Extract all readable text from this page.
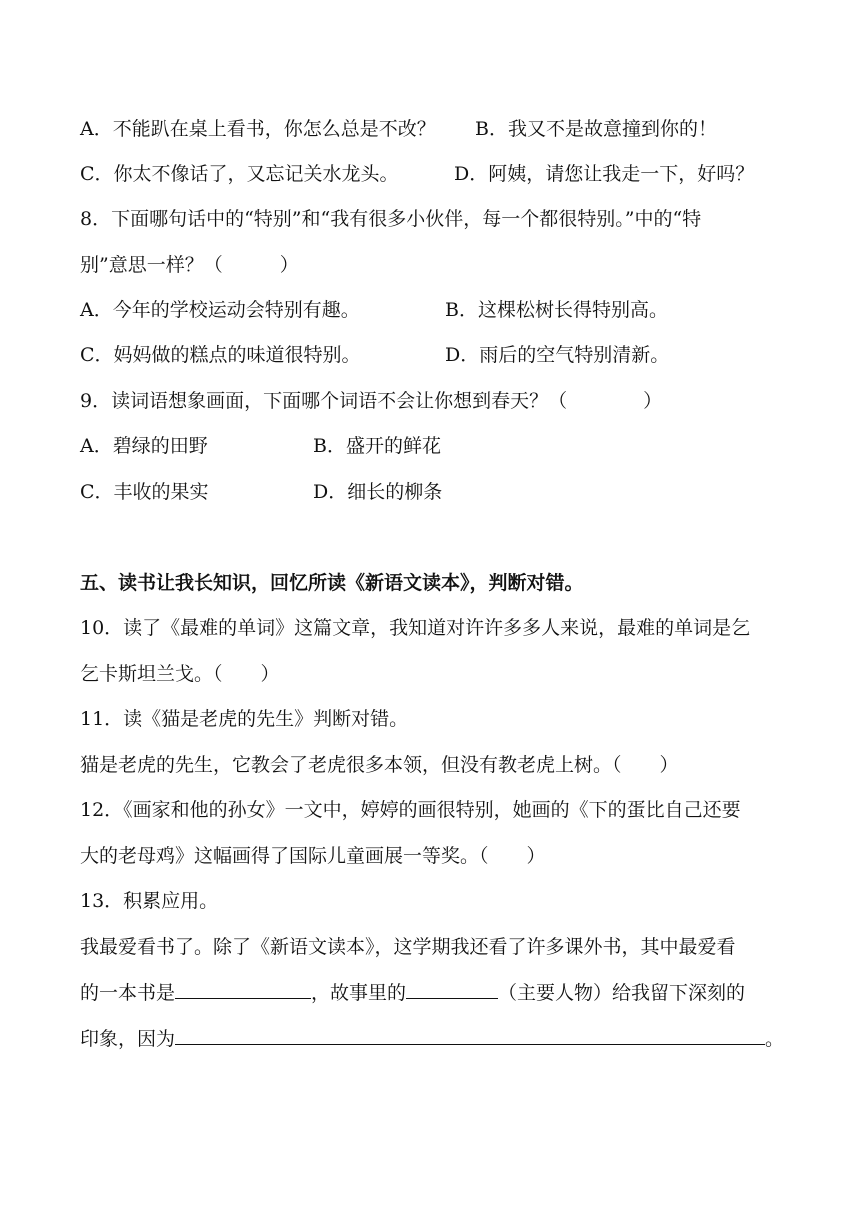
A．不能趴在桌上看书，你怎么总是不改？ B．我又不是故意撞到你的！
C．你太不像话了，又忘记关水龙头。	D．阿姨，请您让我走一下，好吗？
8．下面哪句话中的“特别”和“我有很多小伙伴，每一个都很特别。”中的“特
别”意思一样？（　　　）
A．今年的学校运动会特别有趣。	B．这棵松树长得特别高。
C．妈妈做的糕点的味道很特别。	D．雨后的空气特别清新。
9．读词语想象画面，下面哪个词语不会让你想到春天？（　　　　）
A．碧绿的田野	B．盛开的鲜花
C．丰收的果实	D．细长的柳条
五、读书让我长知识，回忆所读《新语文读本》，判断对错。
10．读了《最难的单词》这篇文章，我知道对许许多多人来说，最难的单词是乞
乞卡斯坦兰戈。（　　）
11．读《猫是老虎的先生》判断对错。
猫是老虎的先生，它教会了老虎很多本领，但没有教老虎上树。（　　）
12．《画家和他的孙女》一文中，婷婷的画很特别，她画的《下的蛋比自己还要
大的老母鸡》这幅画得了国际儿童画展一等奖。（　　）
13．积累应用。
我最爱看书了。除了《新语文读本》，这学期我还看了许多课外书，其中最爱看
的一本书是	，故事里的	（主要人物）给我留下深刻的
印象，因为	。
